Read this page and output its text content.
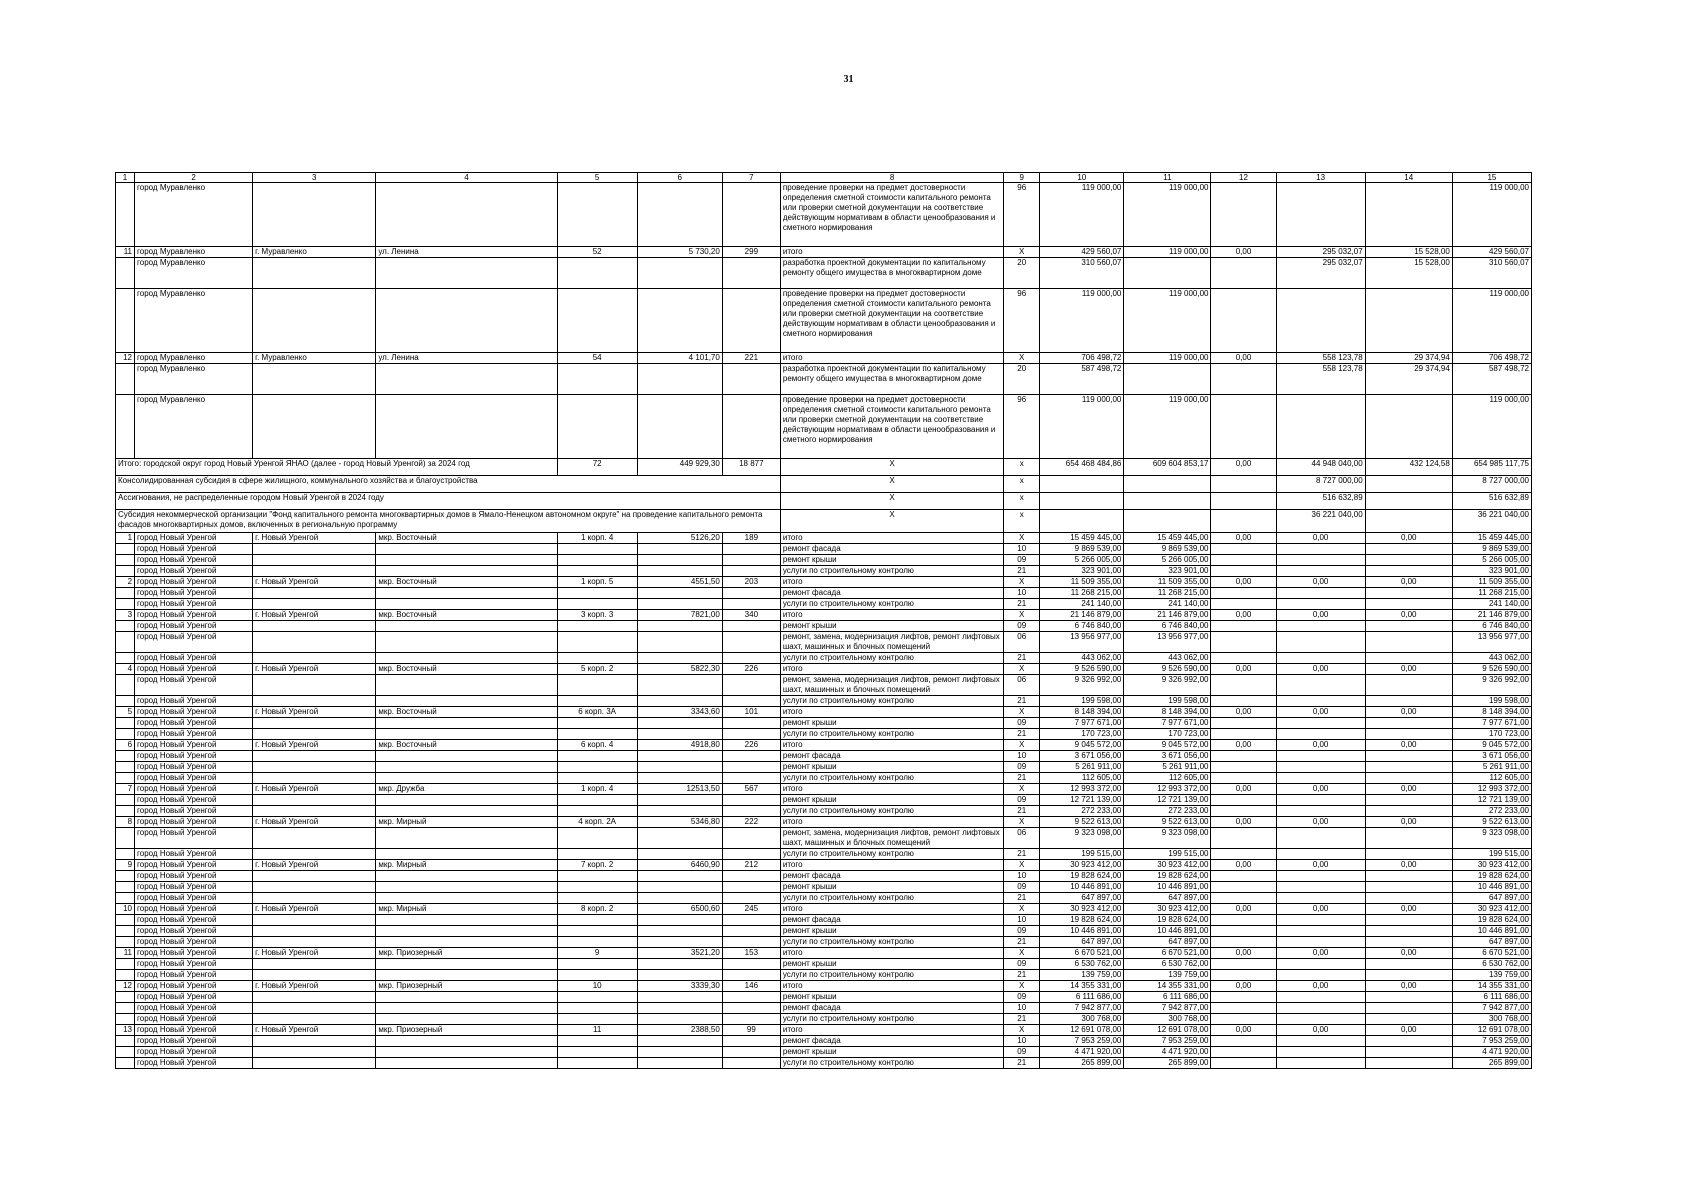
31
1	2	3	4	5	6	7	8	9	10	11	12	13	14	15
	город Муравленко						проведение проверки на предмет достоверности определения сметной стоимости капитального ремонта или проверки сметной документации на соответствие действующим нормативам в области ценообразования и сметного нормирования	96	119 000,00	119 000,00				119 000,00
11	город Муравленко	г. Муравленко	ул. Ленина	52	5 730,20	299	итого	X	429 560,07	119 000,00	0,00	295 032,07	15 528,00	429 560,07
	город Муравленко						разработка проектной документации по капитальному ремонту общего имущества в многоквартирном доме	20	310 560,07			295 032,07	15 528,00	310 560,07
	город Муравленко						проведение проверки на предмет достоверности определения сметной стоимости капитального ремонта или проверки сметной документации на соответствие действующим нормативам в области ценообразования и сметного нормирования	96	119 000,00	119 000,00				119 000,00
12	город Муравленко	г. Муравленко	ул. Ленина	54	4 101,70	221	итого	X	706 498,72	119 000,00	0,00	558 123,78	29 374,94	706 498,72
	город Муравленко						разработка проектной документации по капитальному ремонту общего имущества в многоквартирном доме	20	587 498,72			558 123,78	29 374,94	587 498,72
	город Муравленко						проведение проверки на предмет достоверности определения сметной стоимости капитального ремонта или проверки сметной документации на соответствие действующим нормативам в области ценообразования и сметного нормирования	96	119 000,00	119 000,00				119 000,00
Итого: городской округ город Новый Уренгой ЯНАО (далее - город Новый Уренгой) за 2024 год				72	449 929,30	18 877	X	x	654 468 484,86	609 604 853,17	0,00	44 948 040,00	432 124,58	654 985 117,75
Консолидированная субсидия в сфере жилищного, коммунального хозяйства и благоустройства							X	x				8 727 000,00		8 727 000,00
Ассигнования, не распределенные городом Новый Уренгой в 2024 году							X	x				516 632,89		516 632,89
Субсидия некоммерческой организации "Фонд капитального ремонта многоквартирных домов в Ямало-Ненецком автономном округе" на проведение капитального ремонта фасадов многоквартирных домов, включенных в региональную программу							X	x				36 221 040,00		36 221 040,00
1	город Новый Уренгой	г. Новый Уренгой	мкр. Восточный	1 корп. 4	5126,20	189	итого	X	15 459 445,00	15 459 445,00	0,00	0,00	0,00	15 459 445,00
	город Новый Уренгой						ремонт фасада	10	9 869 539,00	9 869 539,00				9 869 539,00
	город Новый Уренгой						ремонт крыши	09	5 266 005,00	5 266 005,00				5 266 005,00
	город Новый Уренгой						услуги по строительному контролю	21	323 901,00	323 901,00				323 901,00
2	город Новый Уренгой	г. Новый Уренгой	мкр. Восточный	1 корп. 5	4551,50	203	итого	X	11 509 355,00	11 509 355,00	0,00	0,00	0,00	11 509 355,00
	город Новый Уренгой						ремонт фасада	10	11 268 215,00	11 268 215,00				11 268 215,00
	город Новый Уренгой						услуги по строительному контролю	21	241 140,00	241 140,00				241 140,00
3	город Новый Уренгой	г. Новый Уренгой	мкр. Восточный	3 корп. 3	7821,00	340	итого	X	21 146 879,00	21 146 879,00	0,00	0,00	0,00	21 146 879,00
	город Новый Уренгой						ремонт крыши	09	6 746 840,00	6 746 840,00				6 746 840,00
	город Новый Уренгой						ремонт, замена, модернизация лифтов, ремонт лифтовых шахт, машинных и блочных помещений	06	13 956 977,00	13 956 977,00				13 956 977,00
	город Новый Уренгой						услуги по строительному контролю	21	443 062,00	443 062,00				443 062,00
4	город Новый Уренгой	г. Новый Уренгой	мкр. Восточный	5 корп. 2	5822,30	226	итого	X	9 526 590,00	9 526 590,00	0,00	0,00	0,00	9 526 590,00
	город Новый Уренгой						ремонт, замена, модернизация лифтов, ремонт лифтовых шахт, машинных и блочных помещений	06	9 326 992,00	9 326 992,00				9 326 992,00
	город Новый Уренгой						услуги по строительному контролю	21	199 598,00	199 598,00				199 598,00
5	город Новый Уренгой	г. Новый Уренгой	мкр. Восточный	6 корп. 3А	3343,60	101	итого	X	8 148 394,00	8 148 394,00	0,00	0,00	0,00	8 148 394,00
	город Новый Уренгой						ремонт крыши	09	7 977 671,00	7 977 671,00				7 977 671,00
	город Новый Уренгой						услуги по строительному контролю	21	170 723,00	170 723,00				170 723,00
6	город Новый Уренгой	г. Новый Уренгой	мкр. Восточный	6 корп. 4	4918,80	226	итого	X	9 045 572,00	9 045 572,00	0,00	0,00	0,00	9 045 572,00
	город Новый Уренгой						ремонт фасада	10	3 671 056,00	3 671 056,00				3 671 056,00
	город Новый Уренгой						ремонт крыши	09	5 261 911,00	5 261 911,00				5 261 911,00
	город Новый Уренгой						услуги по строительному контролю	21	112 605,00	112 605,00				112 605,00
7	город Новый Уренгой	г. Новый Уренгой	мкр. Дружба	1 корп. 4	12513,50	567	итого	X	12 993 372,00	12 993 372,00	0,00	0,00	0,00	12 993 372,00
	город Новый Уренгой						ремонт крыши	09	12 721 139,00	12 721 139,00				12 721 139,00
	город Новый Уренгой						услуги по строительному контролю	21	272 233,00	272 233,00				272 233,00
8	город Новый Уренгой	г. Новый Уренгой	мкр. Мирный	4 корп. 2А	5346,80	222	итого	X	9 522 613,00	9 522 613,00	0,00	0,00	0,00	9 522 613,00
	город Новый Уренгой						ремонт, замена, модернизация лифтов, ремонт лифтовых шахт, машинных и блочных помещений	06	9 323 098,00	9 323 098,00				9 323 098,00
	город Новый Уренгой						услуги по строительному контролю	21	199 515,00	199 515,00				199 515,00
9	город Новый Уренгой	г. Новый Уренгой	мкр. Мирный	7 корп. 2	6460,90	212	итого	X	30 923 412,00	30 923 412,00	0,00	0,00	0,00	30 923 412,00
	город Новый Уренгой						ремонт фасада	10	19 828 624,00	19 828 624,00				19 828 624,00
	город Новый Уренгой						ремонт крыши	09	10 446 891,00	10 446 891,00				10 446 891,00
	город Новый Уренгой						услуги по строительному контролю	21	647 897,00	647 897,00				647 897,00
10	город Новый Уренгой	г. Новый Уренгой	мкр. Мирный	8 корп. 2	6500,60	245	итого	X	30 923 412,00	30 923 412,00	0,00	0,00	0,00	30 923 412,00
	город Новый Уренгой						ремонт фасада	10	19 828 624,00	19 828 624,00				19 828 624,00
	город Новый Уренгой						ремонт крыши	09	10 446 891,00	10 446 891,00				10 446 891,00
	город Новый Уренгой						услуги по строительному контролю	21	647 897,00	647 897,00				647 897,00
11	город Новый Уренгой	г. Новый Уренгой	мкр. Приозерный	9	3521,20	153	итого	X	6 670 521,00	6 670 521,00	0,00	0,00	0,00	6 670 521,00
	город Новый Уренгой						ремонт крыши	09	6 530 762,00	6 530 762,00				6 530 762,00
	город Новый Уренгой						услуги по строительному контролю	21	139 759,00	139 759,00				139 759,00
12	город Новый Уренгой	г. Новый Уренгой	мкр. Приозерный	10	3339,30	146	итого	X	14 355 331,00	14 355 331,00	0,00	0,00	0,00	14 355 331,00
	город Новый Уренгой						ремонт крыши	09	6 111 686,00	6 111 686,00				6 111 686,00
	город Новый Уренгой						ремонт фасада	10	7 942 877,00	7 942 877,00				7 942 877,00
	город Новый Уренгой						услуги по строительному контролю	21	300 768,00	300 768,00				300 768,00
13	город Новый Уренгой	г. Новый Уренгой	мкр. Приозерный	11	2388,50	99	итого	X	12 691 078,00	12 691 078,00	0,00	0,00	0,00	12 691 078,00
	город Новый Уренгой						ремонт фасада	10	7 953 259,00	7 953 259,00				7 953 259,00
	город Новый Уренгой						ремонт крыши	09	4 471 920,00	4 471 920,00				4 471 920,00
	город Новый Уренгой						услуги по строительному контролю	21	265 899,00	265 899,00				265 899,00
